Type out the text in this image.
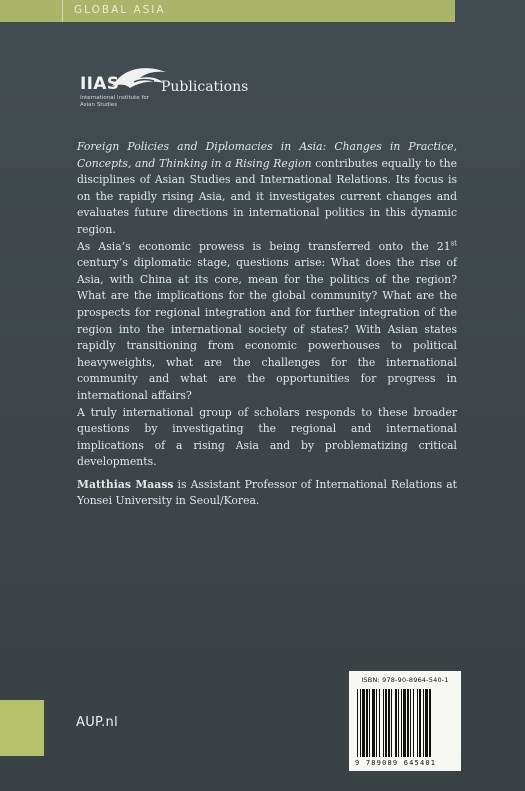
GLOBAL ASIA
IIAS
International Institute for Asian Studies
Publications

Foreign Policies and Diplomacies in Asia: Changes in Practice, Concepts, and Thinking in a Rising Region contributes equally to the disciplines of Asian Studies and International Relations. Its focus is on the rapidly rising Asia, and it investigates current changes and evaluates future directions in international politics in this dynamic region.

As Asia’s economic prowess is being transferred onto the 21st century’s diplomatic stage, questions arise: What does the rise of Asia, with China at its core, mean for the politics of the region? What are the implications for the global community? What are the prospects for regional integration and for further integration of the region into the international society of states? With Asian states rapidly transitioning from economic powerhouses to political heavyweights, what are the challenges for the international community and what are the opportunities for progress in international affairs?

A truly international group of scholars responds to these broader questions by investigating the regional and international implications of a rising Asia and by problematizing critical developments.

Matthias Maass is Assistant Professor of International Relations at Yonsei University in Seoul/Korea.

AUP.nl
ISBN: 978-90-8964-540-1
9 789089 645401
